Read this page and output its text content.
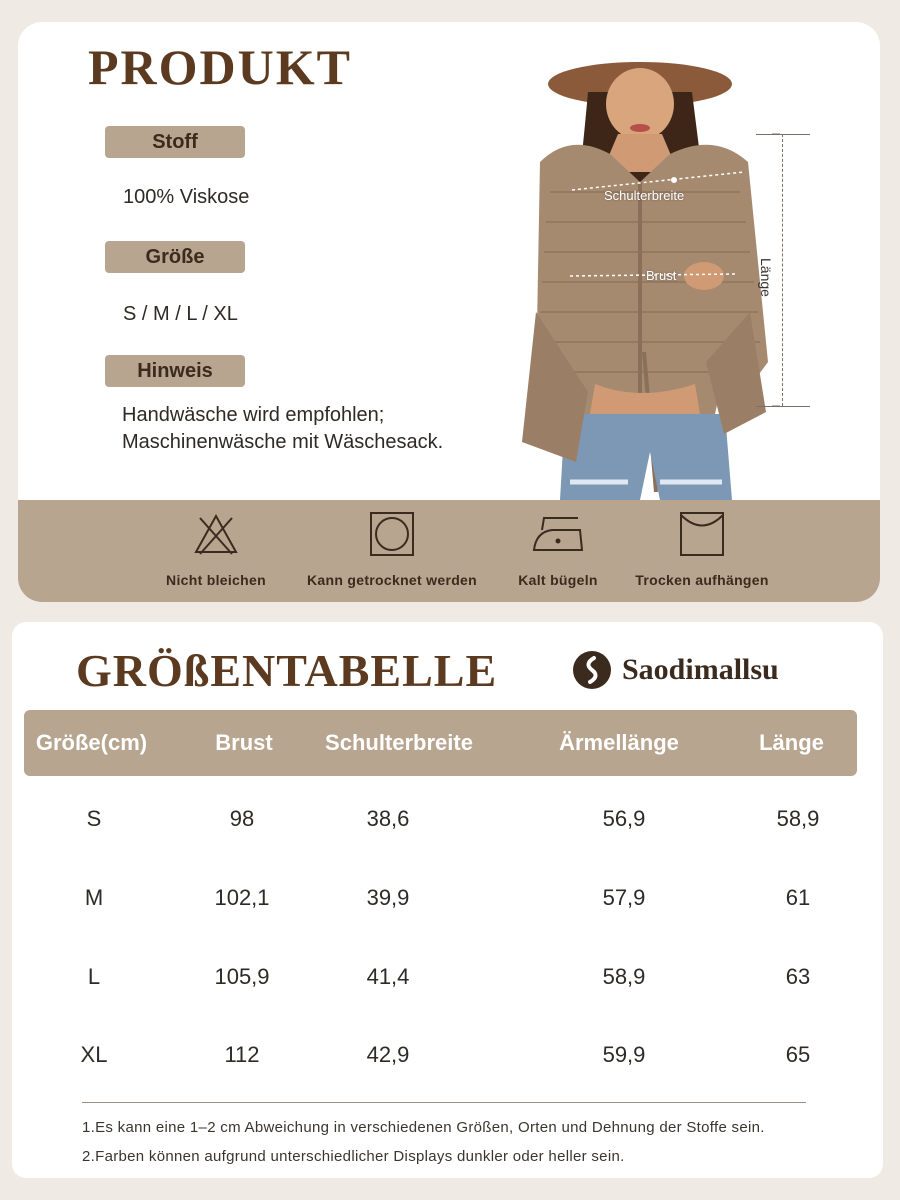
PRODUKT
Stoff
100% Viskose
Größe
S / M / L / XL
Hinweis
Handwäsche wird empfohlen;
Maschinenwäsche mit Wäschesack.
Schulterbreite
Brust	Länge
Nicht bleichen	Kann getrocknet werden	Kalt bügeln	Trocken aufhängen
GRÖßENTABELLE	Saodimallsu
Größe(cm)	Brust	Schulterbreite	Ärmellänge	Länge
S	98	38,6	56,9	58,9
M	102,1	39,9	57,9	61
L	105,9	41,4	58,9	63
XL	112	42,9	59,9	65
1.Es kann eine 1–2 cm Abweichung in verschiedenen Größen, Orten und Dehnung der Stoffe sein.
2.Farben können aufgrund unterschiedlicher Displays dunkler oder heller sein.
